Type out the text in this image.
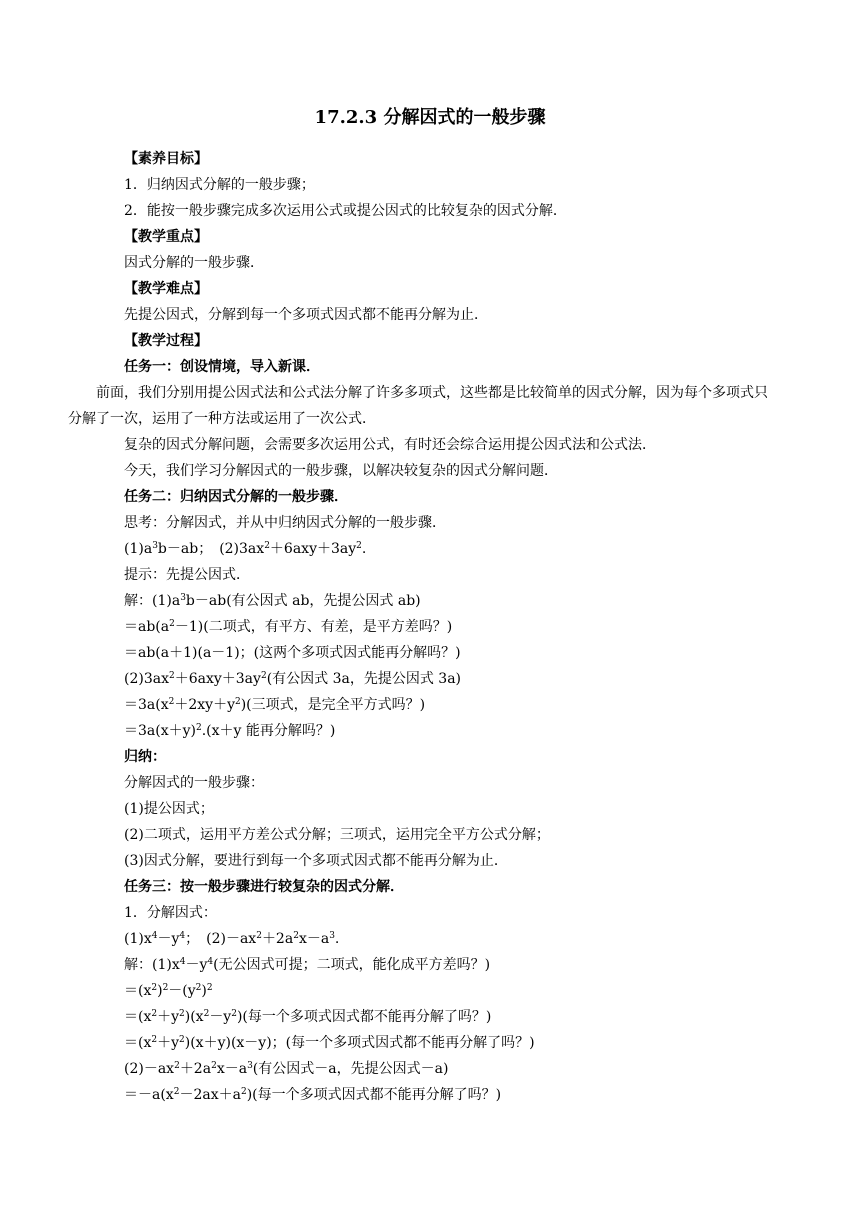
17.2.3 分解因式的一般步骤
【素养目标】
1．归纳因式分解的一般步骤；
2．能按一般步骤完成多次运用公式或提公因式的比较复杂的因式分解．
【教学重点】
因式分解的一般步骤．
【教学难点】
先提公因式，分解到每一个多项式因式都不能再分解为止．
【教学过程】
任务一：创设情境，导入新课．
前面，我们分别用提公因式法和公式法分解了许多多项式，这些都是比较简单的因式分解，因为每个多项式只分解了一次，运用了一种方法或运用了一次公式．
复杂的因式分解问题，会需要多次运用公式，有时还会综合运用提公因式法和公式法．
今天，我们学习分解因式的一般步骤，以解决较复杂的因式分解问题．
任务二：归纳因式分解的一般步骤．
思考：分解因式，并从中归纳因式分解的一般步骤．
$(1)a^3b-ab$；　$(2)3ax^2+6axy+3ay^2$.
提示：先提公因式．
解：$(1)a^3b-ab$(有公因式 ab，先提公因式 ab)
$=ab(a^2-1)$(二项式，有平方、有差，是平方差吗？)
＝ab(a＋1)(a－1)；(这两个多项式因式能再分解吗？)
$(2)3ax^2+6axy+3ay^2$(有公因式 3a，先提公因式 3a)
$=3a(x^2+2xy+y^2)$(三项式，是完全平方式吗？)
$=3a(x+y)^2.(x+y$ 能再分解吗？)
归纳：
分解因式的一般步骤：
(1)提公因式；
(2)二项式，运用平方差公式分解；三项式，运用完全平方公式分解；
(3)因式分解，要进行到每一个多项式因式都不能再分解为止．
任务三：按一般步骤进行较复杂的因式分解．
1．分解因式：
$(1)x^4-y^4$；　$(2)-ax^2+2a^2x-a^3$.
解：$(1)x^4-y^4$(无公因式可提；二项式，能化成平方差吗？)
$=(x^2)^2-(y^2)^2$
$=(x^2+y^2)(x^2-y^2)$(每一个多项式因式都不能再分解了吗？)
$=(x^2+y^2)(x+y)(x-y)$；(每一个多项式因式都不能再分解了吗？)
$(2)-ax^2+2a^2x-a^3$(有公因式－a，先提公因式－a)
$=-a(x^2-2ax+a^2)$(每一个多项式因式都不能再分解了吗？)
